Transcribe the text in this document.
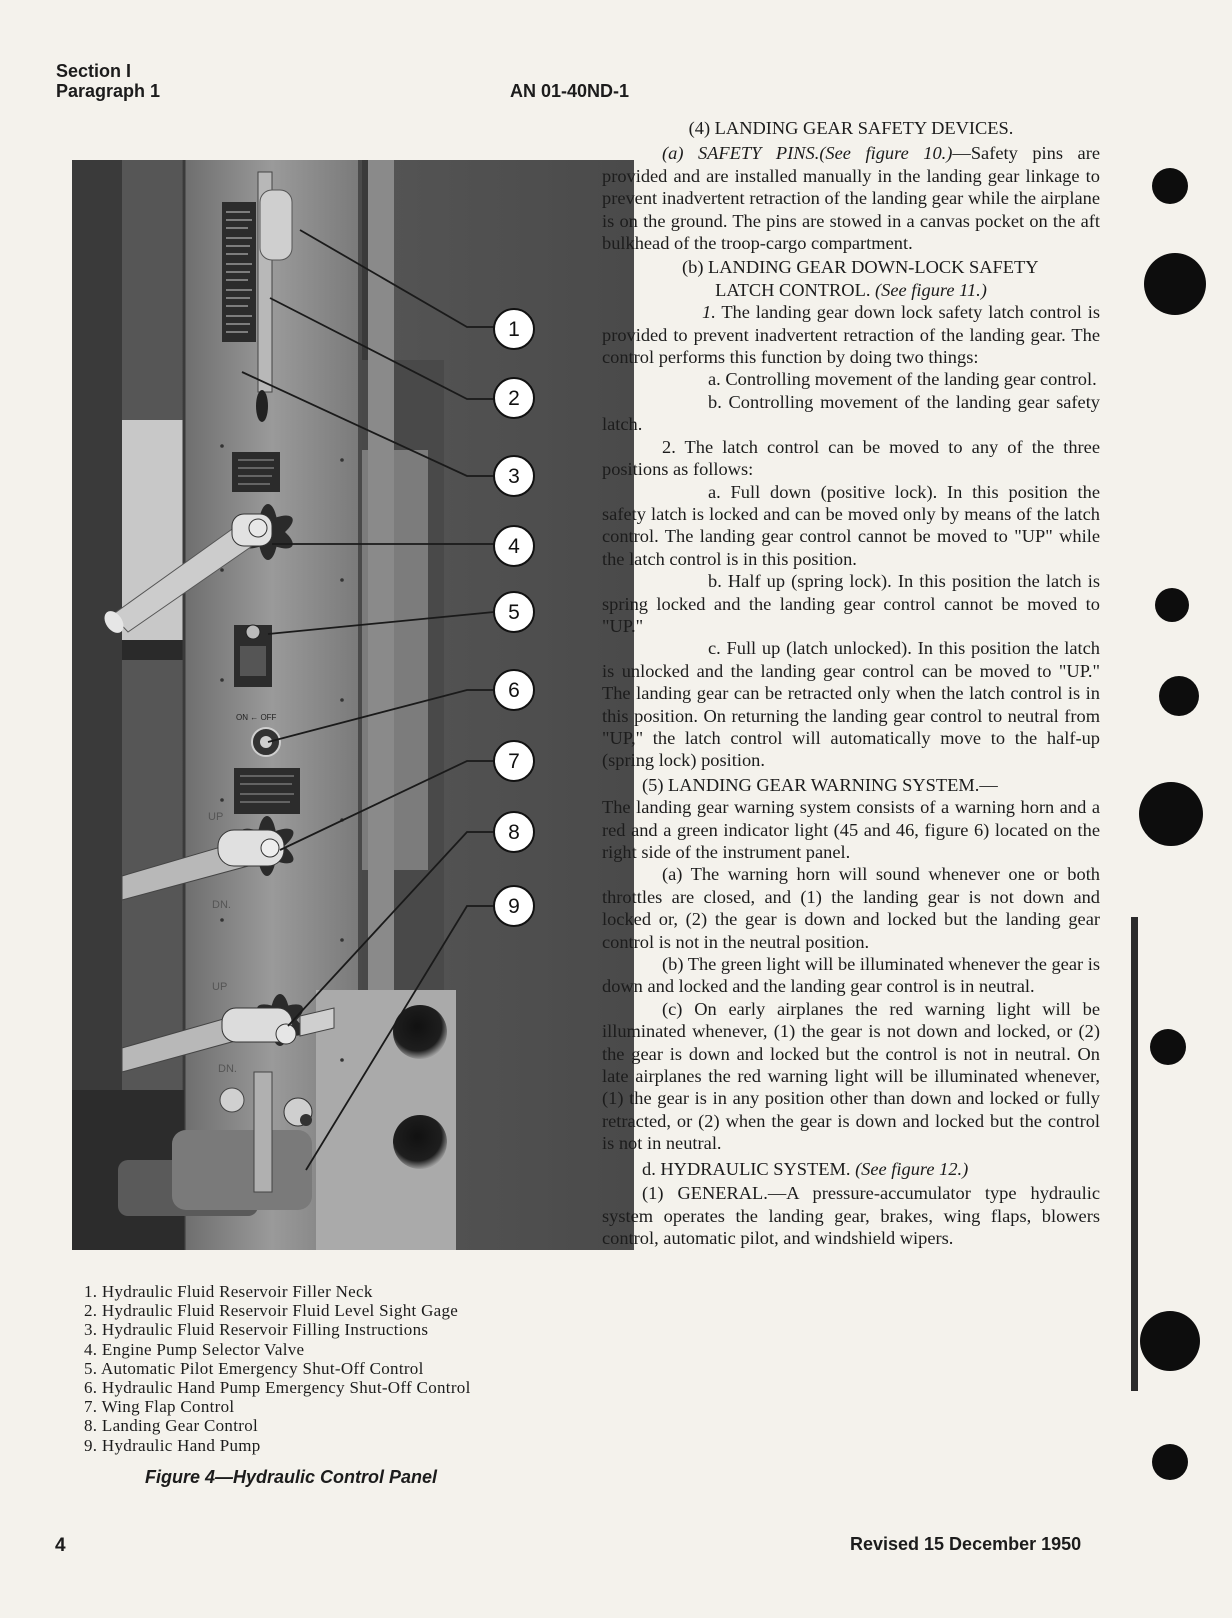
Section I
Paragraph 1	AN 01-40ND-1
ON ← OFF
UP
DN.
UP
DN.
1
2
3
4
5
6
7
8
9
1. Hydraulic Fluid Reservoir Filler Neck
2. Hydraulic Fluid Reservoir Fluid Level Sight Gage
3. Hydraulic Fluid Reservoir Filling Instructions
4. Engine Pump Selector Valve
5. Automatic Pilot Emergency Shut-Off Control
6. Hydraulic Hand Pump Emergency Shut-Off Control
7. Wing Flap Control
8. Landing Gear Control
9. Hydraulic Hand Pump
Figure 4—Hydraulic Control Panel

(4) LANDING GEAR SAFETY DEVICES.

(a) SAFETY PINS.(See figure 10.)—Safety pins are provided and are installed manually in the landing gear linkage to prevent inadvertent retraction of the landing gear while the airplane is on the ground. The pins are stowed in a canvas pocket on the aft bulkhead of the troop-cargo compartment.

(b) LANDING GEAR DOWN-LOCK SAFETY

LATCH CONTROL. (See figure 11.)

1. The landing gear down lock safety latch control is provided to prevent inadvertent retraction of the landing gear. The control performs this function by doing two things:

a. Controlling movement of the landing gear control.

b. Controlling movement of the landing gear safety latch.

2. The latch control can be moved to any of the three positions as follows:

a. Full down (positive lock). In this position the safety latch is locked and can be moved only by means of the latch control. The landing gear control cannot be moved to "UP" while the latch control is in this position.

b. Half up (spring lock). In this position the latch is spring locked and the landing gear control cannot be moved to "UP."

c. Full up (latch unlocked). In this position the latch is unlocked and the landing gear control can be moved to "UP." The landing gear can be retracted only when the latch control is in this position. On returning the landing gear control to neutral from "UP," the latch control will automatically move to the half-up (spring lock) position.

(5) LANDING GEAR WARNING SYSTEM.—

The landing gear warning system consists of a warning horn and a red and a green indicator light (45 and 46, figure 6) located on the right side of the instrument panel.

(a) The warning horn will sound whenever one or both throttles are closed, and (1) the landing gear is not down and locked or, (2) the gear is down and locked but the landing gear control is not in the neutral position.

(b) The green light will be illuminated whenever the gear is down and locked and the landing gear control is in neutral.

(c) On early airplanes the red warning light will be illuminated whenever, (1) the gear is not down and locked, or (2) the gear is down and locked but the control is not in neutral. On late airplanes the red warning light will be illuminated whenever, (1) the gear is in any position other than down and locked or fully retracted, or (2) when the gear is down and locked but the control is not in neutral.

d. HYDRAULIC SYSTEM. (See figure 12.)

(1) GENERAL.—A pressure-accumulator type hydraulic system operates the landing gear, brakes, wing flaps, blowers control, automatic pilot, and windshield wipers.

4	Revised 15 December 1950
